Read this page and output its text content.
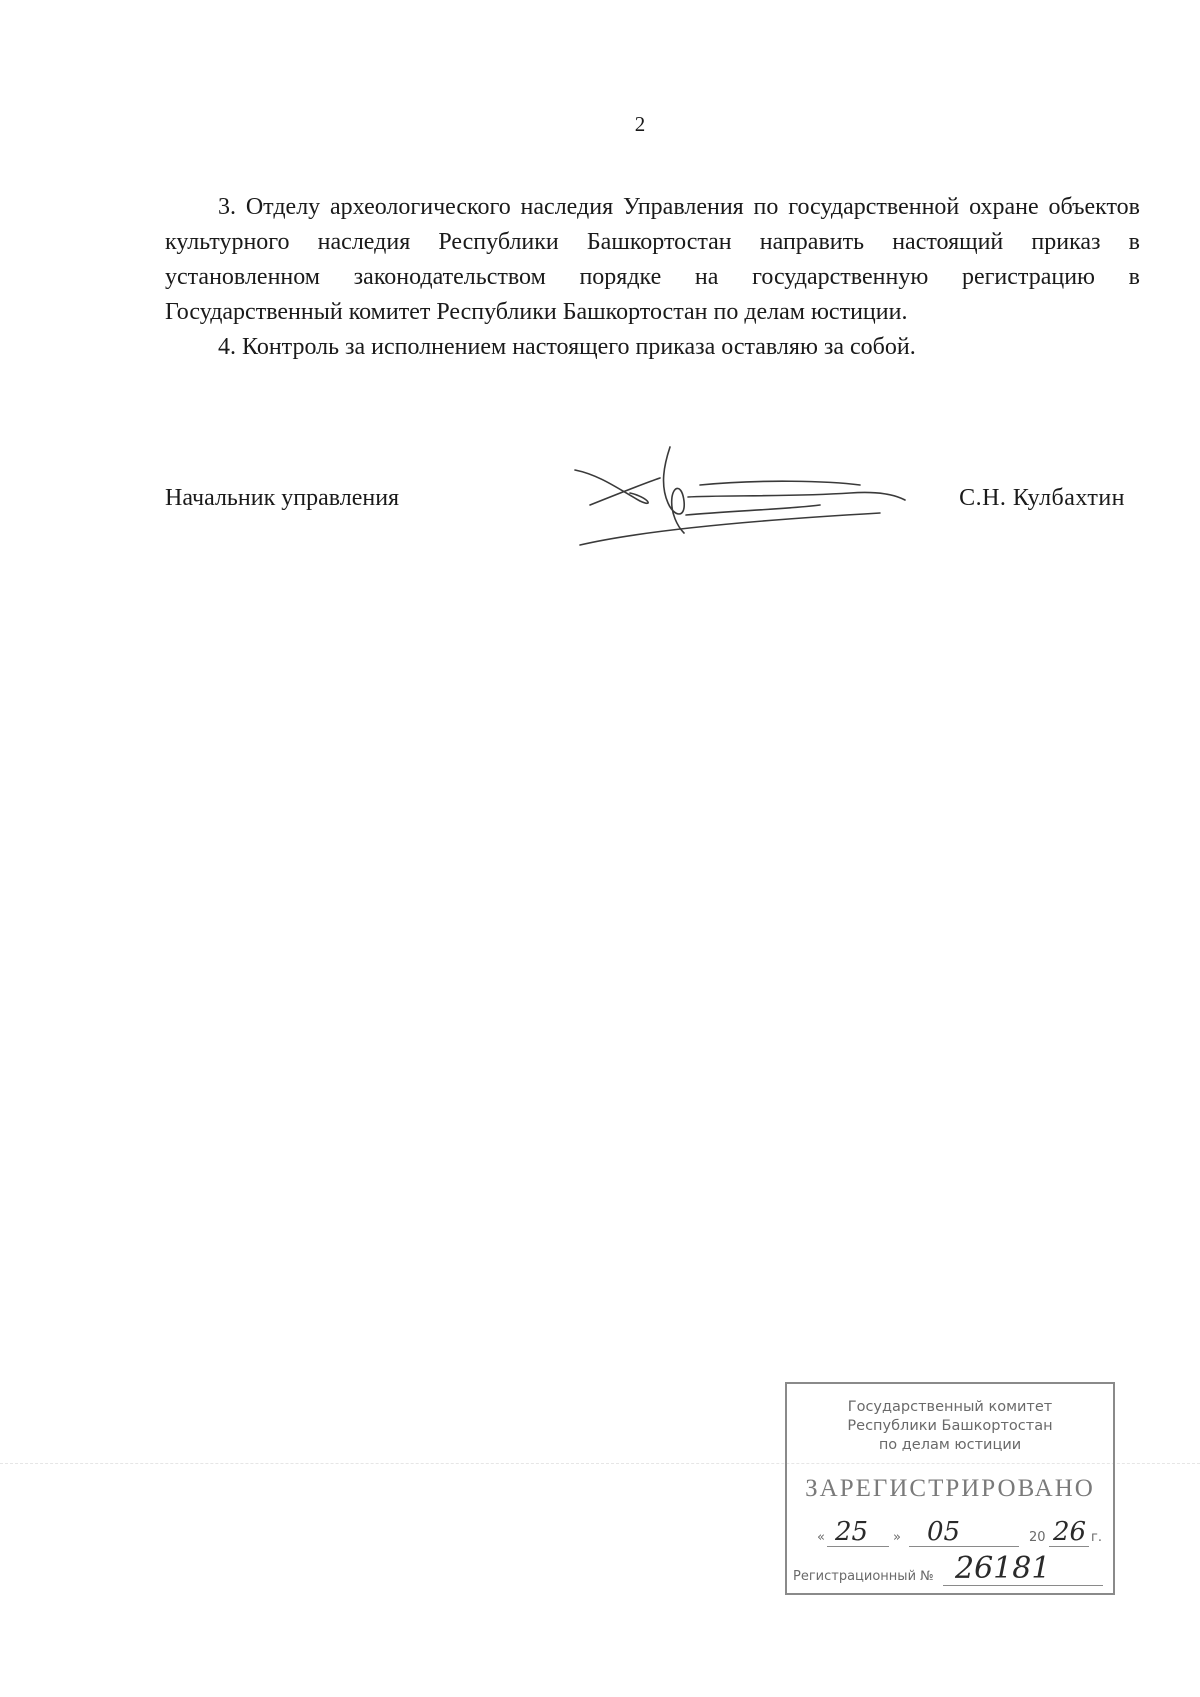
2

3. Отделу археологического наследия Управления по государственной охране объектов культурного наследия Республики Башкортостан направить настоящий приказ в установленном законодательством порядке на государственную регистрацию в Государственный комитет Республики Башкортостан по делам юстиции.

4. Контроль за исполнением настоящего приказа оставляю за собой.

Начальник управления	С.Н. Кулбахтин
Государственный комитет
Республики Башкортостан
по делам юстиции
ЗАРЕГИСТРИРОВАНО
« 25 » 05	20 26 г.
Регистрационный № 26181
